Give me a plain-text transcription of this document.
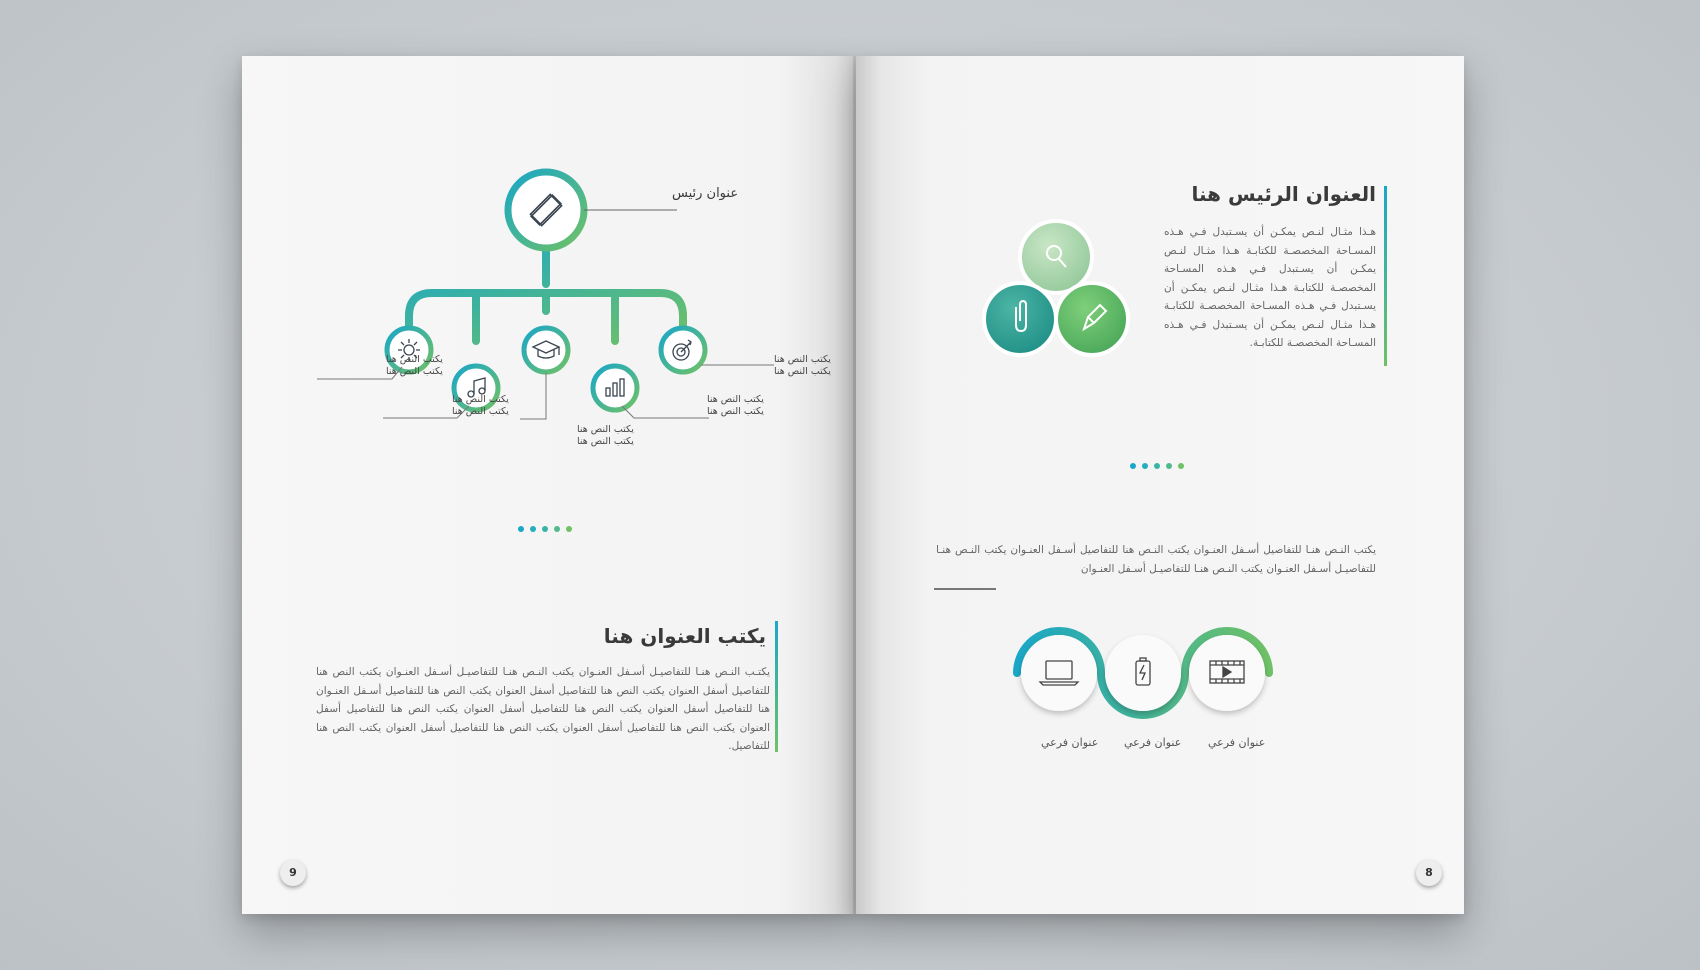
عنوان رئيس
يكتب النص هنا يكتب النص هنا
يكتب النص هنا يكتب النص هنا
يكتب النص هنا يكتب النص هنا
يكتب النص هنا يكتب النص هنا
يكتب النص هنا يكتب النص هنا
يكتب العنوان هنا
يكتـب النـص هنـا للتفاصيـل أسـفل العنـوان يكتب النـص هنـا للتفاصيـل أسـفل العنـوان يكتب النص هنا للتفاصيل أسفل العنوان يكتب النص هنا للتفاصيل أسفل العنوان يكتب النص هنا للتفاصيل أسـفل العنـوان هنا للتفاصيل أسفل العنوان يكتب النص هنا للتفاصيل أسفل العنوان يكتب النص هنا للتفاصيل أسفل العنوان يكتب النص هنا للتفاصيل أسفل العنوان يكتب النص هنا للتفاصيل أسفل العنوان يكتب النص هنا للتفاصيل.
9
العنوان الرئيس هنا
هـذا مثـال لنـص يمكـن أن يسـتبدل فـي هـذه المسـاحة المخصصـة للكتابـة هـذا مثـال لنـص يمكـن أن يسـتبدل فـي هـذه المسـاحة المخصصـة للكتابـة هـذا مثـال لنـص يمكـن أن يسـتبدل فـي هـذه المسـاحة المخصصـة للكتابـة هـذا مثـال لنـص يمكـن أن يسـتبدل فـي هـذه المسـاحة المخصصـة للكتابـة.
يكتب النـص هنـا للتفاصيل أسـفل العنـوان يكتب النـص هنا للتفاصيل أسـفل العنـوان يكتب النـص هنـا للتفاصيـل أسـفل العنـوان يكتب النـص هنـا للتفاصيـل أسـفل العنـوان
عنوان فرعي عنوان فرعي عنوان فرعي
8
